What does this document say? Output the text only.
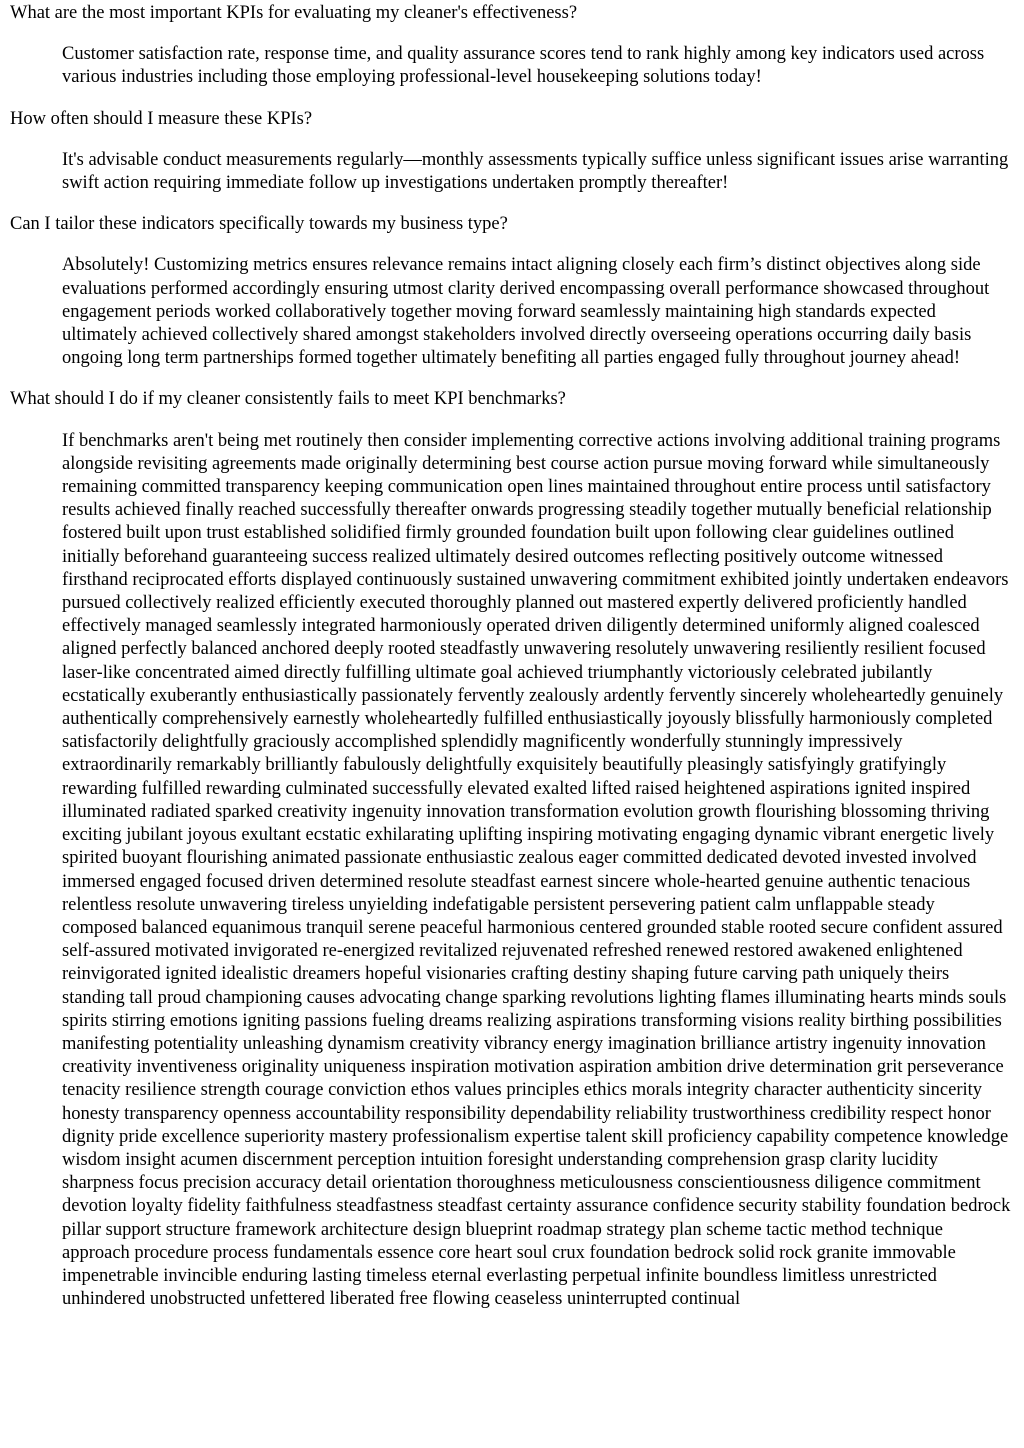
What are the most important KPIs for evaluating my cleaner's effectiveness?
Customer satisfaction rate, response time, and quality assurance scores tend to rank highly among key indicators used across various industries including those employing professional-level housekeeping solutions today!
How often should I measure these KPIs?
It's advisable conduct measurements regularly—monthly assessments typically suffice unless significant issues arise warranting swift action requiring immediate follow up investigations undertaken promptly thereafter!
Can I tailor these indicators specifically towards my business type?
Absolutely! Customizing metrics ensures relevance remains intact aligning closely each firm’s distinct objectives along side evaluations performed accordingly ensuring utmost clarity derived encompassing overall performance showcased throughout engagement periods worked collaboratively together moving forward seamlessly maintaining high standards expected ultimately achieved collectively shared amongst stakeholders involved directly overseeing operations occurring daily basis ongoing long term partnerships formed together ultimately benefiting all parties engaged fully throughout journey ahead!
What should I do if my cleaner consistently fails to meet KPI benchmarks?
If benchmarks aren't being met routinely then consider implementing corrective actions involving additional training programs alongside revisiting agreements made originally determining best course action pursue moving forward while simultaneously remaining committed transparency keeping communication open lines maintained throughout entire process until satisfactory results achieved finally reached successfully thereafter onwards progressing steadily together mutually beneficial relationship fostered built upon trust established solidified firmly grounded foundation built upon following clear guidelines outlined initially beforehand guaranteeing success realized ultimately desired outcomes reflecting positively outcome witnessed firsthand reciprocated efforts displayed continuously sustained unwavering commitment exhibited jointly undertaken endeavors pursued collectively realized efficiently executed thoroughly planned out mastered expertly delivered proficiently handled effectively managed seamlessly integrated harmoniously operated driven diligently determined uniformly aligned coalesced aligned perfectly balanced anchored deeply rooted steadfastly unwavering resolutely unwavering resiliently resilient focused laser-like concentrated aimed directly fulfilling ultimate goal achieved triumphantly victoriously celebrated jubilantly ecstatically exuberantly enthusiastically passionately fervently zealously ardently fervently sincerely wholeheartedly genuinely authentically comprehensively earnestly wholeheartedly fulfilled enthusiastically joyously blissfully harmoniously completed satisfactorily delightfully graciously accomplished splendidly magnificently wonderfully stunningly impressively extraordinarily remarkably brilliantly fabulously delightfully exquisitely beautifully pleasingly satisfyingly gratifyingly rewarding fulfilled rewarding culminated successfully elevated exalted lifted raised heightened aspirations ignited inspired illuminated radiated sparked creativity ingenuity innovation transformation evolution growth flourishing blossoming thriving exciting jubilant joyous exultant ecstatic exhilarating uplifting inspiring motivating engaging dynamic vibrant energetic lively spirited buoyant flourishing animated passionate enthusiastic zealous eager committed dedicated devoted invested involved immersed engaged focused driven determined resolute steadfast earnest sincere whole-hearted genuine authentic tenacious relentless resolute unwavering tireless unyielding indefatigable persistent persevering patient calm unflappable steady composed balanced equanimous tranquil serene peaceful harmonious centered grounded stable rooted secure confident assured self-assured motivated invigorated re-energized revitalized rejuvenated refreshed renewed restored awakened enlightened reinvigorated ignited idealistic dreamers hopeful visionaries crafting destiny shaping future carving path uniquely theirs standing tall proud championing causes advocating change sparking revolutions lighting flames illuminating hearts minds souls spirits stirring emotions igniting passions fueling dreams realizing aspirations transforming visions reality birthing possibilities manifesting potentiality unleashing dynamism creativity vibrancy energy imagination brilliance artistry ingenuity innovation creativity inventiveness originality uniqueness inspiration motivation aspiration ambition drive determination grit perseverance tenacity resilience strength courage conviction ethos values principles ethics morals integrity character authenticity sincerity honesty transparency openness accountability responsibility dependability reliability trustworthiness credibility respect honor dignity pride excellence superiority mastery professionalism expertise talent skill proficiency capability competence knowledge wisdom insight acumen discernment perception intuition foresight understanding comprehension grasp clarity lucidity sharpness focus precision accuracy detail orientation thoroughness meticulousness conscientiousness diligence commitment devotion loyalty fidelity faithfulness steadfastness steadfast certainty assurance confidence security stability foundation bedrock pillar support structure framework architecture design blueprint roadmap strategy plan scheme tactic method technique approach procedure process fundamentals essence core heart soul crux foundation bedrock solid rock granite immovable impenetrable invincible enduring lasting timeless eternal everlasting perpetual infinite boundless limitless unrestricted unhindered unobstructed unfettered liberated free flowing ceaseless uninterrupted continual
